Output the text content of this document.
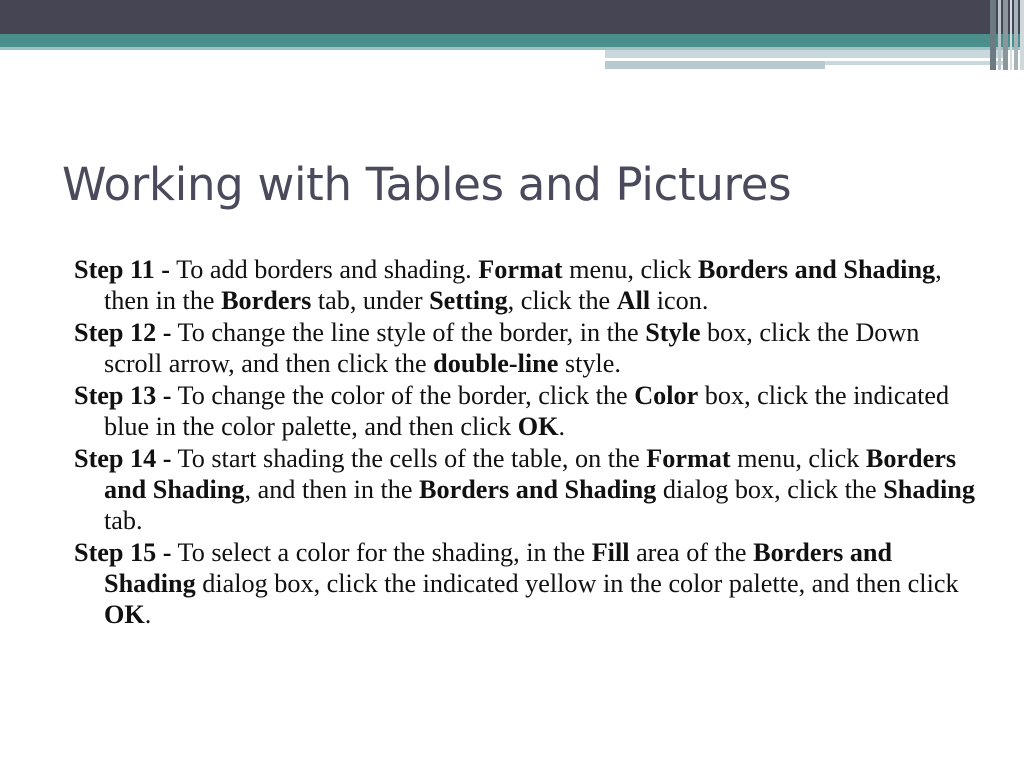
Working with Tables and Pictures

Step 11 - To add borders and shading. Format menu, click Borders and Shading, then in the Borders tab, under Setting, click the All icon.

Step 12 - To change the line style of the border, in the Style box, click the Down scroll arrow, and then click the double-line style.

Step 13 - To change the color of the border, click the Color box, click the indicated blue in the color palette, and then click OK.

Step 14 - To start shading the cells of the table, on the Format menu, click Borders and Shading, and then in the Borders and Shading dialog box, click the Shading tab.

Step 15 - To select a color for the shading, in the Fill area of the Borders and Shading dialog box, click the indicated yellow in the color palette, and then click OK.
